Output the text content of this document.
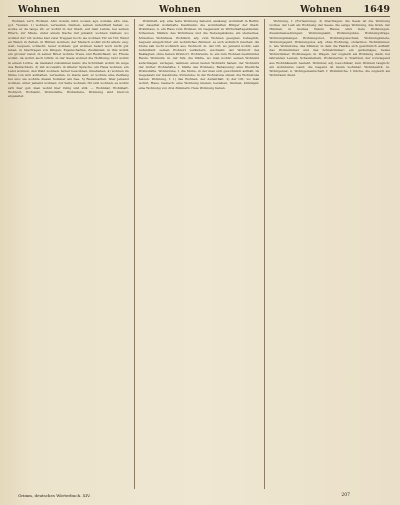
Wohnen	Wohnen	Wohnen	1649

Wohnen, verb. Wohnen. Ahd. wonên, mhd. wonen, ags. wunian, altn. una, got. *wunan. 1) wohnen, verweilen, bleiben, seinen Aufenthalt haben: so wonte er da lange zît; er wohnt in der Stadt, auf dem Lande, bei seinen Eltern, zur Miete, unter einem Dache mit jemand; wohnen bleiben; wo wohnst du? ich wohne hier zwei Treppen hoch; sie wohnen Tür an Tür, Wand an Wand; in Zelten, in Hütten wohnen; der Mensch wohnt nicht allein; eng, weit, bequem, schlecht, teuer wohnen; gut wohnen heiszt noch nicht gut leben. 2) übertragen von Dingen, Eigenschaften, Zuständen: in ihm wohnt ein groszer Geist; in seiner Brust wohnte Treue und Redlichkeit; wo Friede wohnt, da wohnt auch Glück; in der Seele wohnet die Hoffnung; Gott wohnt in einem Lichte, da niemand zukommen kann; die Schönheit wohnt im Auge des Betrachters. 3) mit Accusativ, in älterer Sprache: ein Haus wohnen, ein Land wohnen, den Wald wohnen; ferner bewohnen, innehaben. 4) wohnen im Sinne von sich aufhalten, verweilen, zu Gaste sein: er wohnte eine Zeitlang bei uns; sie wohnte diesen Sommer am See. 5) Redensarten: über jemand wohnen, unter jemand wohnen; zur Seite wohnen; für sich wohnen; es wohnt sich hier gut; man wohnt hier ruhig und still. — Wohnbar, Wohnhaft, Wohnort, Wohnsitz, Wohnstätte, Wohnstube, Wohnung sind hiervon abgeleitet.

Wohnhaft, adj. eine feste Wohnung habend, ansässig: wohnhaft in Berlin; der daselbst wohnhafte Kaufmann; die wohnhaften Bürger der Stadt. Wohnhaus, n. ein Haus zum Wohnen, im Gegensatz zu Wirtschaftsgebäuden, Scheunen, Ställen: das Wohnhaus und die Nebengebäude; ein steinernes, hölzernes Wohnhaus. Wohnlich, adj. zum Wohnen geeignet, behaglich, bequem eingerichtet: ein wohnliches Zimmer; es sich wohnlich machen; die Stube sah recht wohnlich aus. Wohnort, m. der Ort, wo jemand wohnt, sein Aufenthalt: seinen Wohnort verändern, wechseln; der Wohnort des Beklagten; ohne festen Wohnort. Wohnraum, m. ein zum Wohnen bestimmter Raum. Wohnsitz, m. der Sitz, die Stätte, wo man wohnt: seinen Wohnsitz aufschlagen, verlegen, nehmen; einen festen Wohnsitz haben; der Wohnsitz der Götter. Wohnstätte, f. Stätte des Wohnens, Behausung: eine friedliche Wohnstätte. Wohnstube, f. die Stube, in der man sich gewöhnlich aufhält, im Gegensatz zur Gaststube, Putzstube: in der Wohnstube sitzen; die Wohnstube heizen. Wohnung, f. 1) das Wohnen, der Aufenthalt. 2) der Ort, wo man wohnt, Haus, Gemach: eine Wohnung mieten, beziehen, räumen, kündigen; eine Wohnung von drei Zimmern; freie Wohnung haben.

Wohnung, f. (Fortsetzung). 3) übertragen: die Seele ist die Wohnung Gottes; der Leib als Wohnung der Seele; die ewige Wohnung, das Grab, der Himmel; in meines Vaters Hause sind viele Wohnungen. Zusammensetzungen: Wohnungsamt, Wohnungsbau, Wohnungsfrage, Wohnungsmangel, Wohnungsnot, Wohnungswechsel, Wohnungsmiete, Wohnungsgeld. Wohnungslos, adj. ohne Wohnung, obdachlos. Wohnzimmer, n. wie Wohnstube, das Zimmer, in dem die Familie sich gewöhnlich aufhält: das Wohnzimmer und das Schlafzimmer; ein geräumiges, helles Wohnzimmer. Wohnwagen, m. Wagen, der zugleich als Wohnung dient, bei fahrenden Leuten, Schaustellern. Wohnviertel, n. Stadtteil, der vorwiegend aus Wohnhäusern besteht. Wohnbar, adj. bewohnbar, zum Wohnen tauglich: ein wohnbares Land; die Gegend ist kaum wohnbar. Wohnbezirk, m. Wohngebiet, n. Wohngemeinschaft, f. Wohnküche, f. Küche, die zugleich als Wohnraum dient.

Grimm, deutsches Wörterbuch. XIV.	207
